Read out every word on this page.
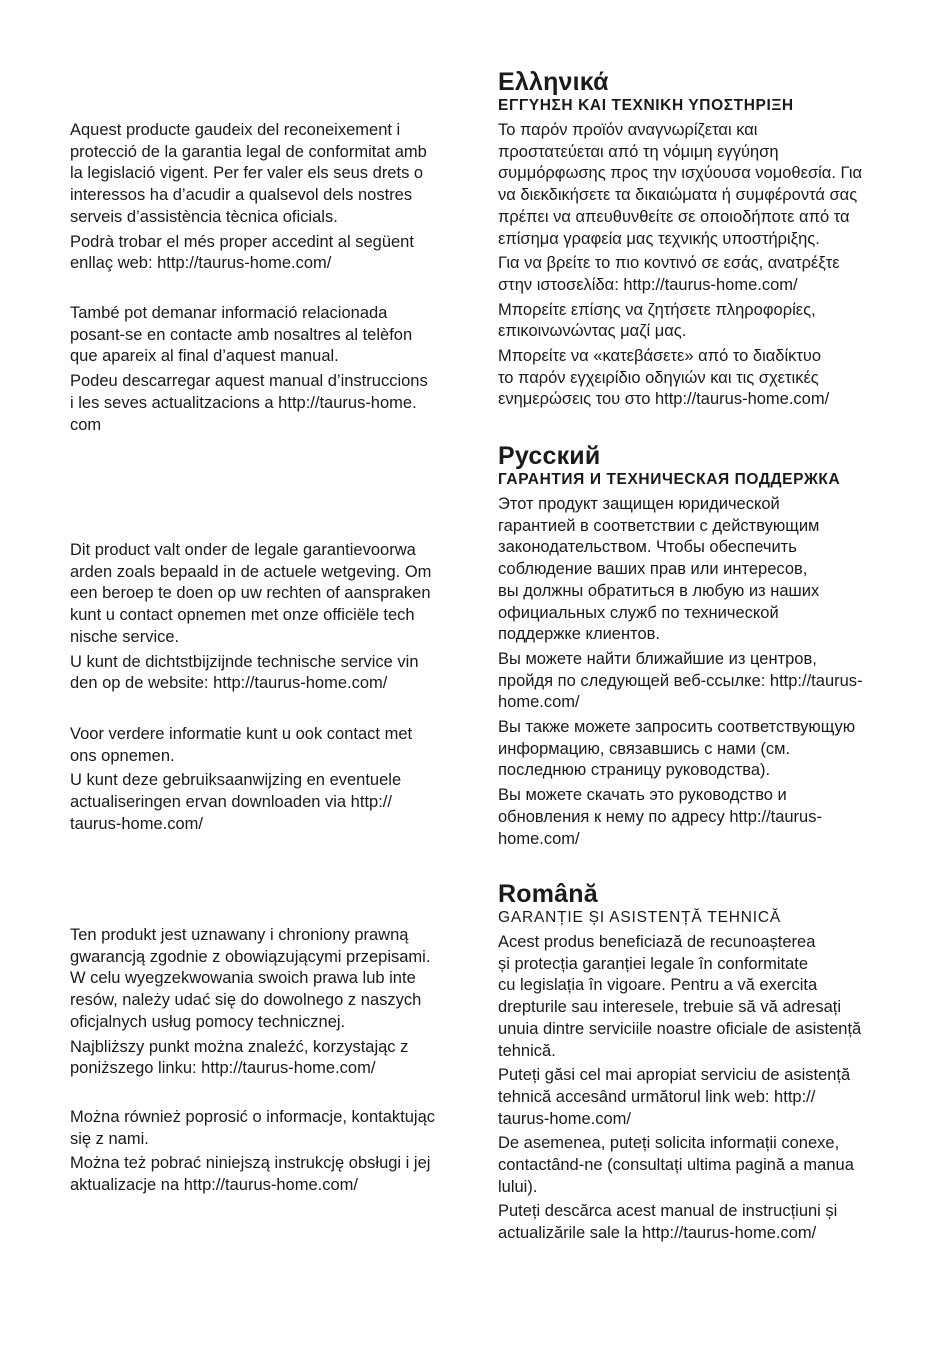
Aquest producte gaudeix del reconeixement i
protecció de la garantia legal de conformitat amb
la legislació vigent. Per fer valer els seus drets o
interessos ha d’acudir a qualsevol dels nostres
serveis d’assistència tècnica oficials.

Podrà trobar el més proper accedint al següent
enllaç web: http://taurus-home.com/

També pot demanar informació relacionada
posant-se en contacte amb nosaltres al telèfon
que apareix al final d’aquest manual.

Podeu descarregar aquest manual d’instruccions
i les seves actualitzacions a http://taurus-home.
com

Dit product valt onder de legale garantievoorwa
arden zoals bepaald in de actuele wetgeving. Om
een beroep te doen op uw rechten of aanspraken
kunt u contact opnemen met onze officiële tech
nische service.

U kunt de dichtstbijzijnde technische service vin
den op de website: http://taurus-home.com/

Voor verdere informatie kunt u ook contact met
ons opnemen.

U kunt deze gebruiksaanwijzing en eventuele
actualiseringen ervan downloaden via http://
taurus-home.com/

Ten produkt jest uznawany i chroniony prawną
gwarancją zgodnie z obowiązującymi przepisami.
W celu wyegzekwowania swoich prawa lub inte
resów, należy udać się do dowolnego z naszych
oficjalnych usług pomocy technicznej.

Najbliższy punkt można znaleźć, korzystając z
poniższego linku: http://taurus-home.com/

Można również poprosić o informacje, kontaktując
się z nami.

Można też pobrać niniejszą instrukcję obsługi i jej
aktualizacje na http://taurus-home.com/

Ελληνικά
ΕΓΓΥΗΣΗ ΚΑΙ ΤΕΧΝΙΚΗ ΥΠΟΣΤΗΡΙΞΗ

Το παρόν προϊόν αναγνωρίζεται και
προστατεύεται από τη νόμιμη εγγύηση
συμμόρφωσης προς την ισχύουσα νομοθεσία. Για
να διεκδικήσετε τα δικαιώματα ή συμφέροντά σας
πρέπει να απευθυνθείτε σε οποιοδήποτε από τα
επίσημα γραφεία μας τεχνικής υποστήριξης.

Για να βρείτε το πιο κοντινό σε εσάς, ανατρέξτε
στην ιστοσελίδα: http://taurus-home.com/

Μπορείτε επίσης να ζητήσετε πληροφορίες,
επικοινωνώντας μαζί μας.

Μπορείτε να «κατεβάσετε» από το διαδίκτυο
το παρόν εγχειρίδιο οδηγιών και τις σχετικές
ενημερώσεις του στο http://taurus-home.com/

Русский
ГАРАНТИЯ И ТЕХНИЧЕСКАЯ ПОДДЕРЖКА

Этот продукт защищен юридической
гарантией в соответствии с действующим
законодательством. Чтобы обеспечить
соблюдение ваших прав или интересов,
вы должны обратиться в любую из наших
официальных служб по технической
поддержке клиентов.

Вы можете найти ближайшие из центров,
пройдя по следующей веб-ссылке: http://taurus-
home.com/

Вы также можете запросить соответствующую
информацию, связавшись с нами (см.
последнюю страницу руководства).

Вы можете скачать это руководство и
обновления к нему по адресу http://taurus-
home.com/

Română
GARANȚIE ȘI ASISTENȚĂ TEHNICĂ

Acest produs beneficiază de recunoașterea
și protecția garanției legale în conformitate
cu legislația în vigoare. Pentru a vă exercita
drepturile sau interesele, trebuie să vă adresați
unuia dintre serviciile noastre oficiale de asistență
tehnică.

Puteți găsi cel mai apropiat serviciu de asistență
tehnică accesând următorul link web: http://
taurus-home.com/

De asemenea, puteți solicita informații conexe,
contactând-ne (consultați ultima pagină a manua
lului).

Puteți descărca acest manual de instrucțiuni și
actualizările sale la http://taurus-home.com/
